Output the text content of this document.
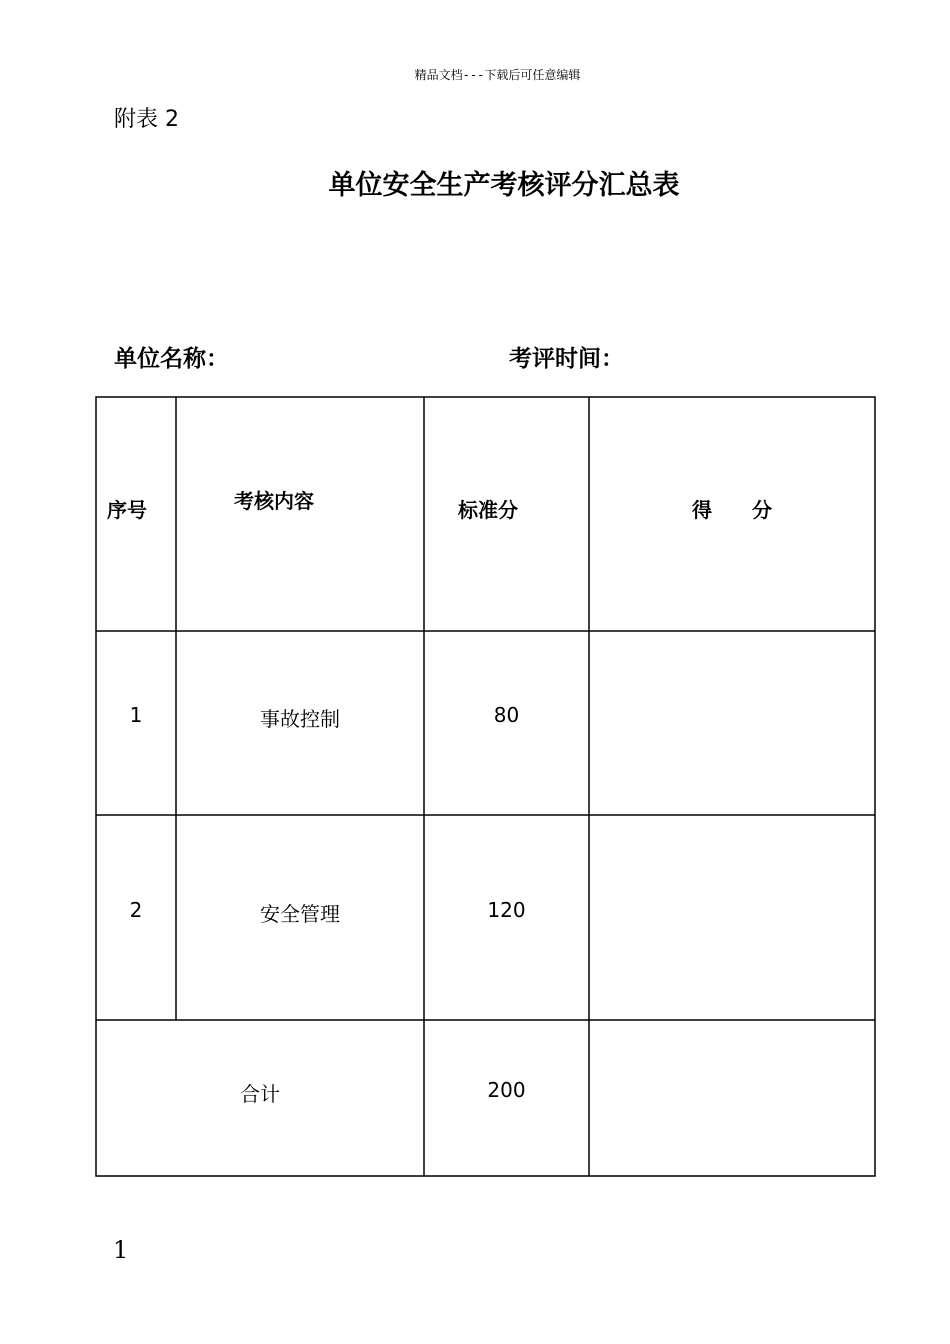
精品文档---下载后可任意编辑
附表 2
单位安全生产考核评分汇总表
单位名称：	考评时间：
序号	考核内容	标准分	得　　分
1	事故控制	80
2	安全管理	120
合计	200
1
